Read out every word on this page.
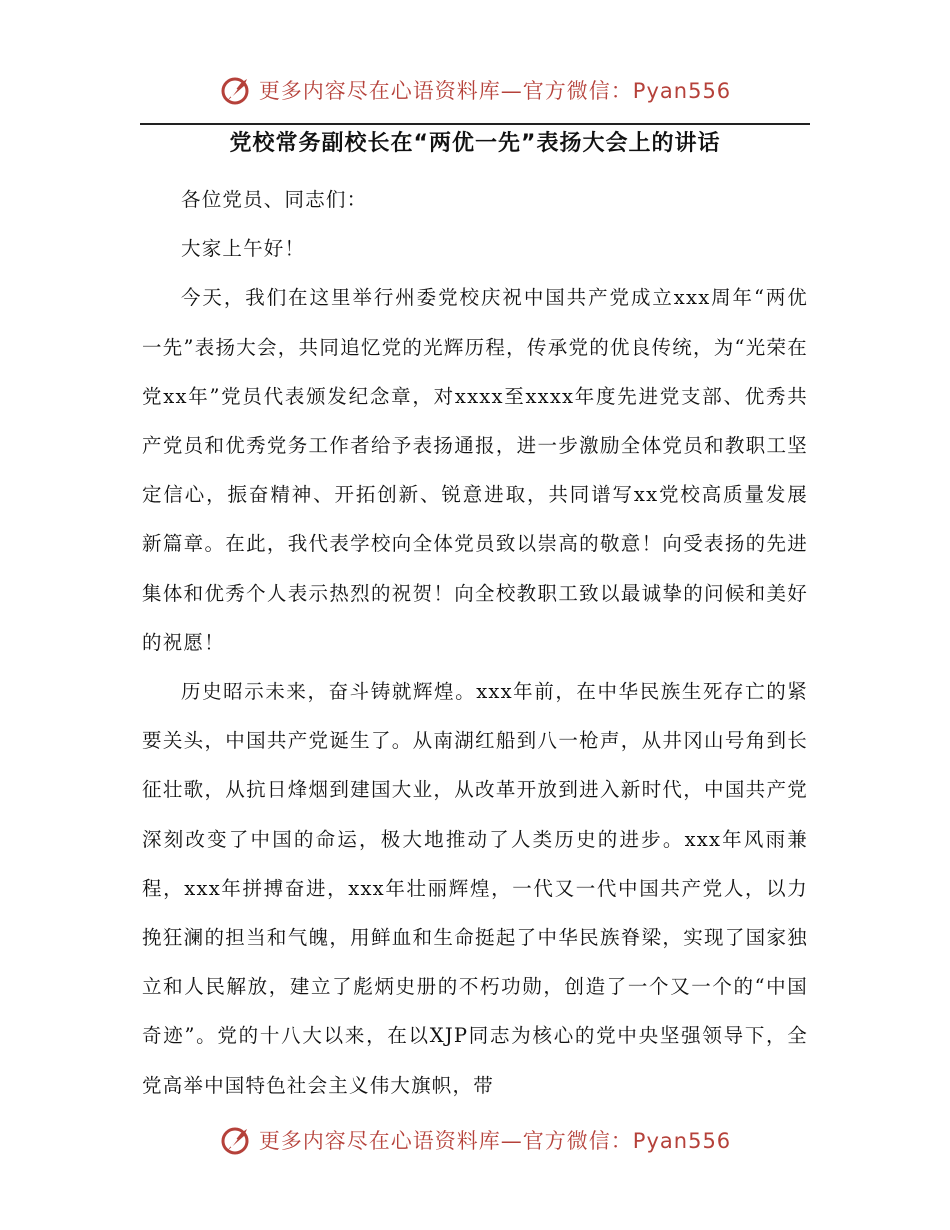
更多内容尽在心语资料库—官方微信：Pyan556
党校常务副校长在“两优一先”表扬大会上的讲话

各位党员、同志们：

大家上午好！

今天，我们在这里举行州委党校庆祝中国共产党成立xxx周年“两优一先”表扬大会，共同追忆党的光辉历程，传承党的优良传统，为“光荣在党xx年”党员代表颁发纪念章，对xxxx至xxxx年度先进党支部、优秀共产党员和优秀党务工作者给予表扬通报，进一步激励全体党员和教职工坚定信心，振奋精神、开拓创新、锐意进取，共同谱写xx党校高质量发展新篇章。在此，我代表学校向全体党员致以崇高的敬意！向受表扬的先进集体和优秀个人表示热烈的祝贺！向全校教职工致以最诚挚的问候和美好的祝愿！

历史昭示未来，奋斗铸就辉煌。xxx年前，在中华民族生死存亡的紧要关头，中国共产党诞生了。从南湖红船到八一枪声，从井冈山号角到长征壮歌，从抗日烽烟到建国大业，从改革开放到进入新时代，中国共产党深刻改变了中国的命运，极大地推动了人类历史的进步。xxx年风雨兼程，xxx年拼搏奋进，xxx年壮丽辉煌，一代又一代中国共产党人，以力挽狂澜的担当和气魄，用鲜血和生命挺起了中华民族脊梁，实现了国家独立和人民解放，建立了彪炳史册的不朽功勋，创造了一个又一个的“中国奇迹”。党的十八大以来，在以XJP同志为核心的党中央坚强领导下，全党高举中国特色社会主义伟大旗帜，带

更多内容尽在心语资料库—官方微信：Pyan556
